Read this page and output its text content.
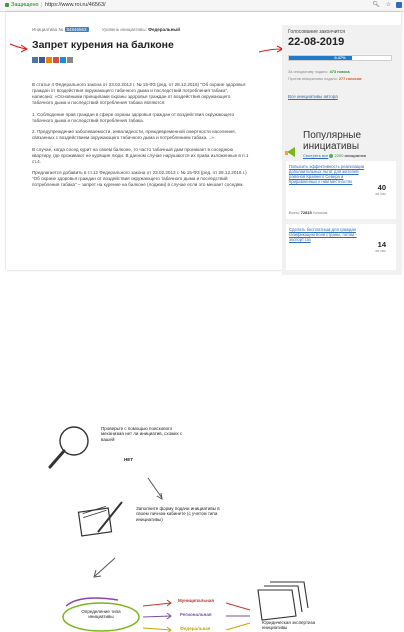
Защищено | https://www.roi.ru/46563/	🔍︎ ☆
Инициатива № 84846563	Уровень инициативы: Федеральный
Запрет курения на балконе

В статье 4 Федерального закона от 23.02.2013 г. № 15-ФЗ (ред. от 28.12.2016) "Об охране здоровья граждан от воздействия окружающего табачного дыма и последствий потребления табака", написано: «Основными принципами охраны здоровья граждан от воздействия окружающего табачного дыма и последствий потребления табака являются:

1. Соблюдение прав граждан в сфере охраны здоровья граждан от воздействия окружающего табачного дыма и последствий потребления табака.

2. Предупреждение заболеваемости, инвалидности, преждевременной смертности населения, связанных с воздействием окружающего табачного дыма и потреблением табака. ..».

В случае, когда сосед курит на своем балконе, то часто табачный дым проникает в соседнюю квартиру, где проживают не курящие люди. В данном случае нарушаются их права изложенные в п.1 ст.4.

Предлагается добавить в ст.12 Федерального закона от 23.02.2013 г. № 15-ФЗ (ред. от 28.12.2016 г.) "Об охране здоровья граждан от воздействия окружающего табачного дыма и последствий потребления табака" – запрет на курение на балконе (лоджии) в случае если это мешает соседям.

Голосование закончится
22-08-2019
0.47%
За инициативу подано: 473 голоса
Против инициативы подано: 277 голосов
Все инициативы автора
Популярные
инициативы
Смотреть все 2200 инициатив
Повысить эффективность реализации дополнительных льгот для жителей районов Крайнего Севера и приравненных к ним местностях
40
за час
Всего 72815 голосов
Сделать бесплатным для граждан газификацию всей страны, потом - экспорт газ
14
за час
Проверьте с помощью поискового механизма нет ли инициатив, схожих с вашей
НЕТ
Заполните форму подачи инициативы в своем личном кабинете (с учетом типа инициативы)
Определение типа инициативы
Муниципальная
Региональная
Федеральная
Юридическая экспертиза инициативы
